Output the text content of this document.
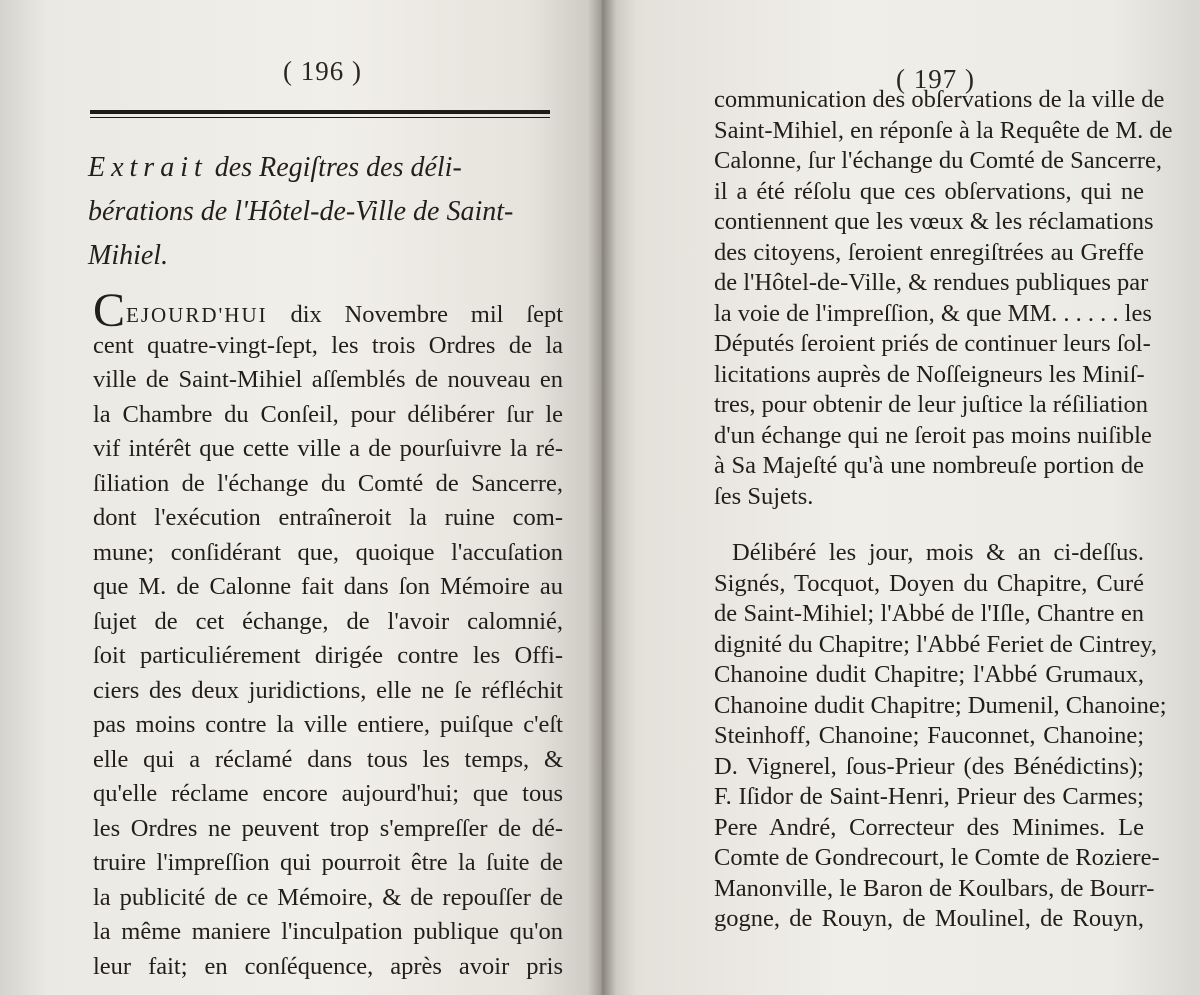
( 196 )
Extrait des Regiſtres des déli-
bérations de l'Hôtel-de-Ville de Saint-
Mihiel.
CEJOURD'HUI dix Novembre mil ſept
cent quatre-vingt-ſept, les trois Ordres de la
ville de Saint-Mihiel aſſemblés de nouveau en
la Chambre du Conſeil, pour délibérer ſur le
vif intérêt que cette ville a de pourſuivre la ré-
ſiliation de l'échange du Comté de Sancerre,
dont l'exécution entraîneroit la ruine com-
mune; conſidérant que, quoique l'accuſation
que M. de Calonne fait dans ſon Mémoire au
ſujet de cet échange, de l'avoir calomnié,
ſoit particuliérement dirigée contre les Offi-
ciers des deux juridictions, elle ne ſe réfléchit
pas moins contre la ville entiere, puiſque c'eſt
elle qui a réclamé dans tous les temps, &
qu'elle réclame encore aujourd'hui; que tous
les Ordres ne peuvent trop s'empreſſer de dé-
truire l'impreſſion qui pourroit être la ſuite de
la publicité de ce Mémoire, & de repouſſer de
la même maniere l'inculpation publique qu'on
leur fait; en conſéquence, après avoir pris
( 197 )
communication des obſervations de la ville de
Saint-Mihiel, en réponſe à la Requête de M. de
Calonne, ſur l'échange du Comté de Sancerre,
il a été réſolu que ces obſervations, qui ne
contiennent que les vœux & les réclamations
des citoyens, ſeroient enregiſtrées au Greffe
de l'Hôtel-de-Ville, & rendues publiques par
la voie de l'impreſſion, & que MM. . . . . . les
Députés ſeroient priés de continuer leurs ſol-
licitations auprès de Noſſeigneurs les Miniſ-
tres, pour obtenir de leur juſtice la réſiliation
d'un échange qui ne ſeroit pas moins nuiſible
à Sa Majeſté qu'à une nombreuſe portion de
ſes Sujets.
Délibéré les jour, mois & an ci-deſſus.
Signés, Tocquot, Doyen du Chapitre, Curé
de Saint-Mihiel; l'Abbé de l'Iſle, Chantre en
dignité du Chapitre; l'Abbé Feriet de Cintrey,
Chanoine dudit Chapitre; l'Abbé Grumaux,
Chanoine dudit Chapitre; Dumenil, Chanoine;
Steinhoff, Chanoine; Fauconnet, Chanoine;
D. Vignerel, ſous-Prieur (des Bénédictins);
F. Iſidor de Saint-Henri, Prieur des Carmes;
Pere André, Correcteur des Minimes. Le
Comte de Gondrecourt, le Comte de Roziere-
Manonville, le Baron de Koulbars, de Bourr-
gogne, de Rouyn, de Moulinel, de Rouyn,
